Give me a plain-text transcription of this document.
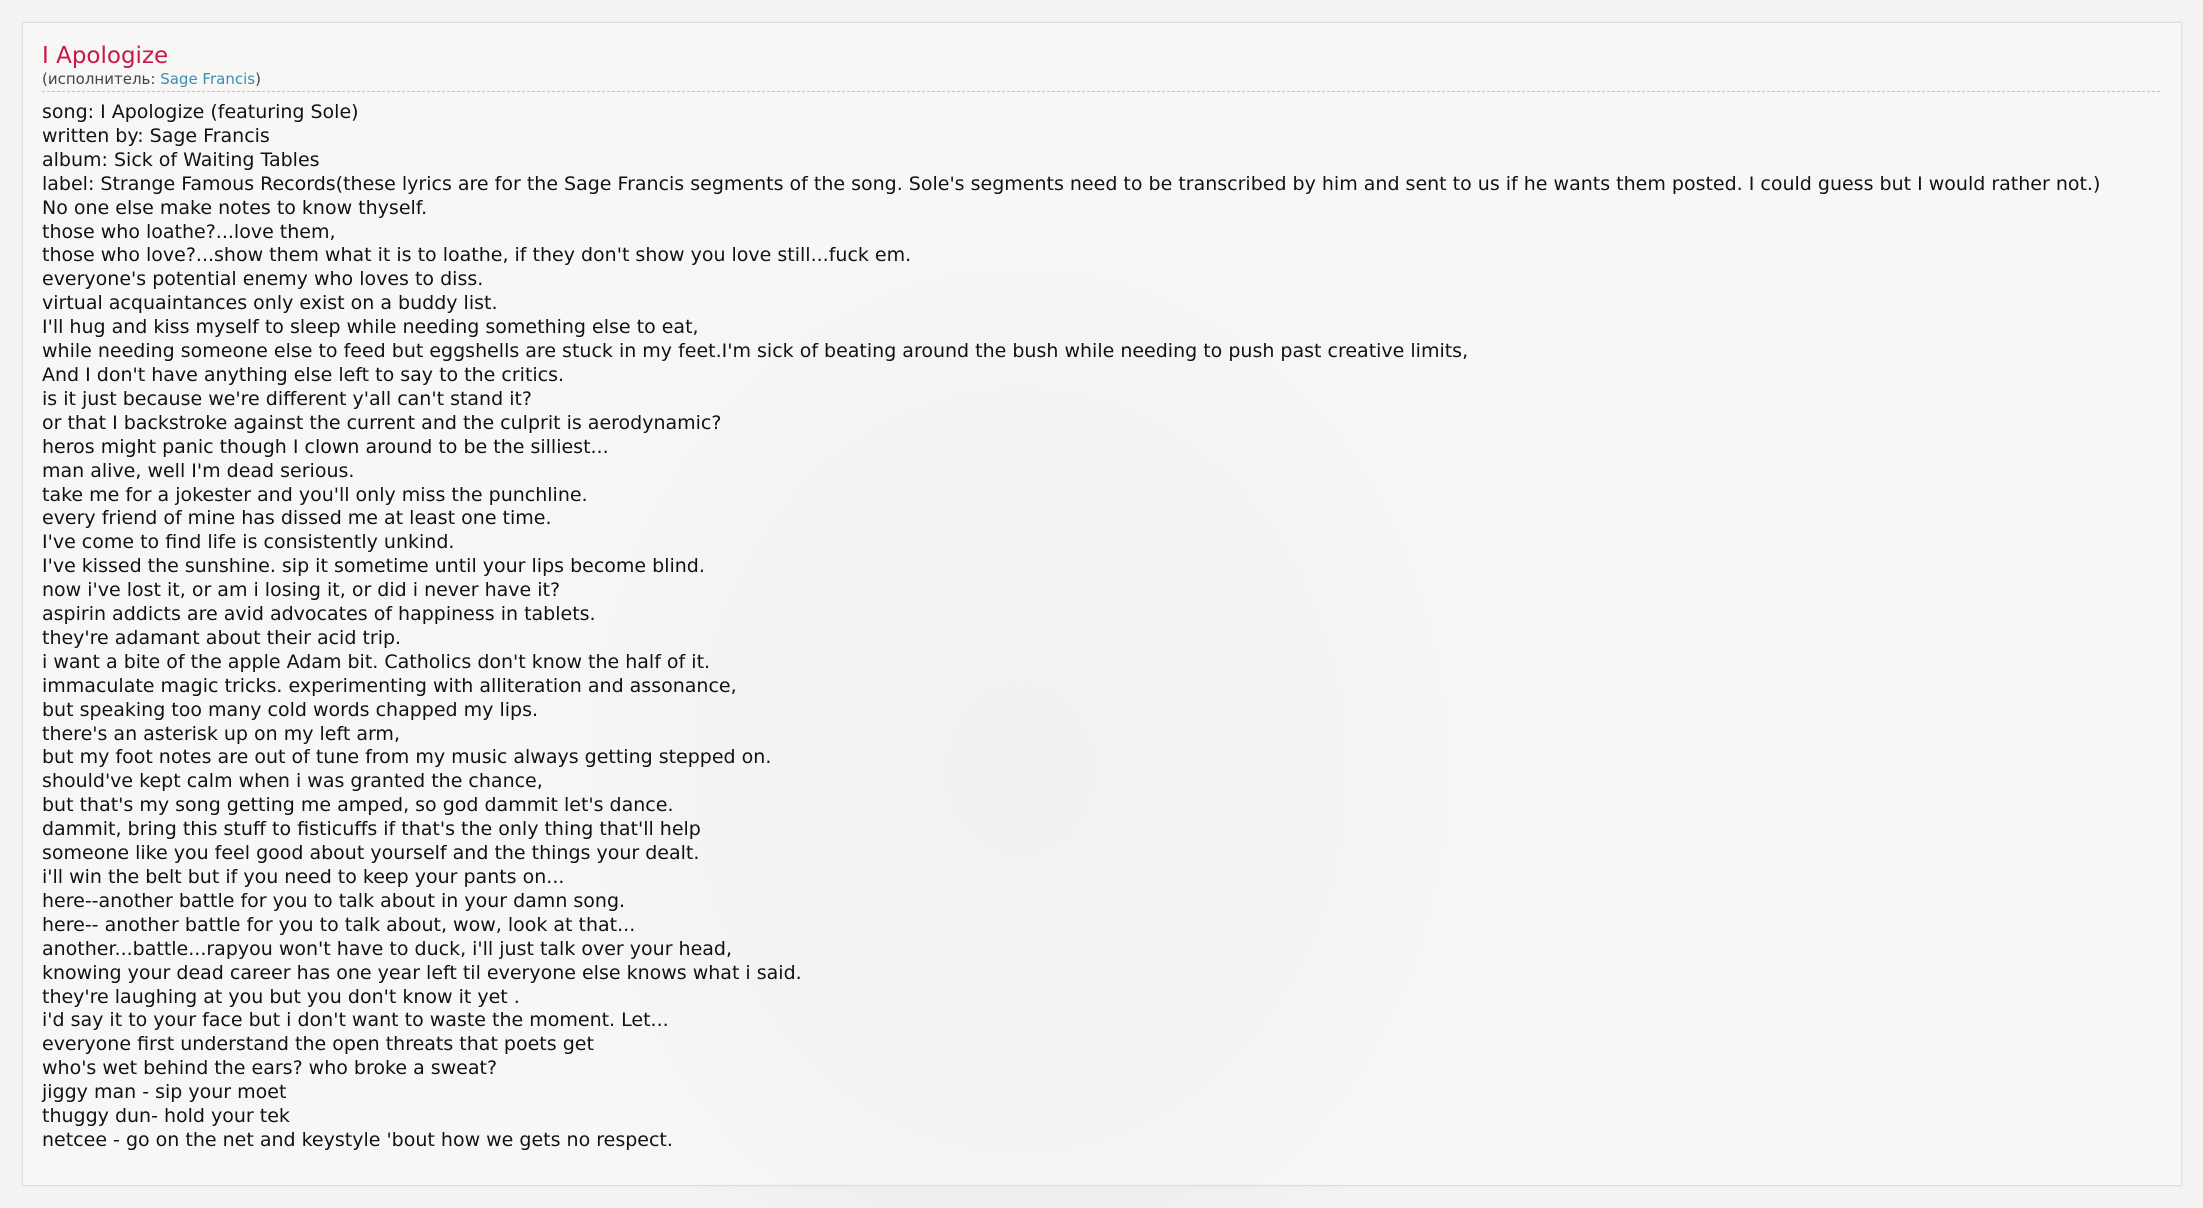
I Apologize
(исполнитель: Sage Francis)
song: I Apologize (featuring Sole)
written by: Sage Francis
album: Sick of Waiting Tables
label: Strange Famous Records(these lyrics are for the Sage Francis segments of the song. Sole's segments need to be transcribed by him and sent to us if he wants them posted. I could guess but I would rather not.)
No one else make notes to know thyself.
those who loathe?...love them,
those who love?...show them what it is to loathe, if they don't show you love still...fuck em.
everyone's potential enemy who loves to diss.
virtual acquaintances only exist on a buddy list.
I'll hug and kiss myself to sleep while needing something else to eat,
while needing someone else to feed but eggshells are stuck in my feet.I'm sick of beating around the bush while needing to push past creative limits,
And I don't have anything else left to say to the critics.
is it just because we're different y'all can't stand it?
or that I backstroke against the current and the culprit is aerodynamic?
heros might panic though I clown around to be the silliest...
man alive, well I'm dead serious.
take me for a jokester and you'll only miss the punchline.
every friend of mine has dissed me at least one time.
I've come to find life is consistently unkind.
I've kissed the sunshine. sip it sometime until your lips become blind.
now i've lost it, or am i losing it, or did i never have it?
aspirin addicts are avid advocates of happiness in tablets.
they're adamant about their acid trip.
i want a bite of the apple Adam bit. Catholics don't know the half of it.
immaculate magic tricks. experimenting with alliteration and assonance,
but speaking too many cold words chapped my lips.
there's an asterisk up on my left arm,
but my foot notes are out of tune from my music always getting stepped on.
should've kept calm when i was granted the chance,
but that's my song getting me amped, so god dammit let's dance.
dammit, bring this stuff to fisticuffs if that's the only thing that'll help
someone like you feel good about yourself and the things your dealt.
i'll win the belt but if you need to keep your pants on...
here--another battle for you to talk about in your damn song.
here-- another battle for you to talk about, wow, look at that...
another...battle...rapyou won't have to duck, i'll just talk over your head,
knowing your dead career has one year left til everyone else knows what i said.
they're laughing at you but you don't know it yet .
i'd say it to your face but i don't want to waste the moment. Let...
everyone first understand the open threats that poets get
who's wet behind the ears? who broke a sweat?
jiggy man - sip your moet
thuggy dun- hold your tek
netcee - go on the net and keystyle 'bout how we gets no respect.
